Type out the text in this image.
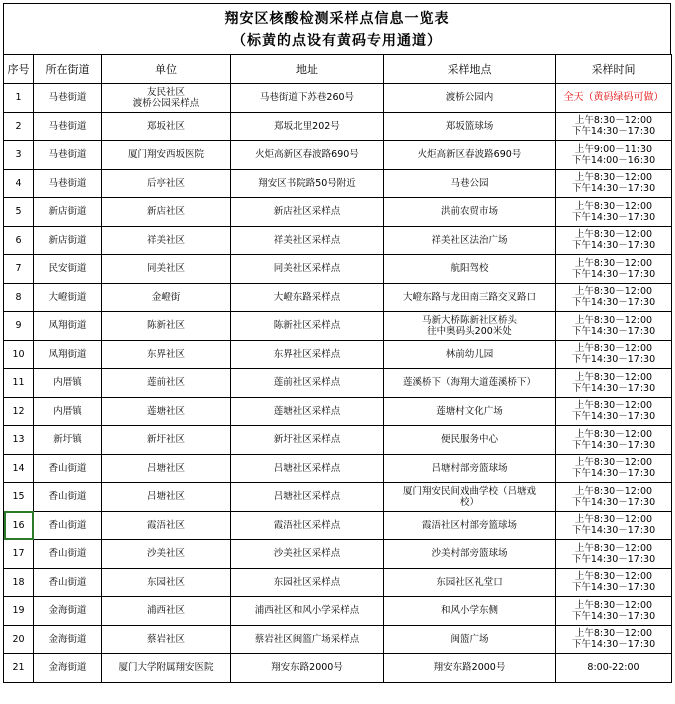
翔安区核酸检测采样点信息一览表
（标黄的点设有黄码专用通道）
序号	所在街道	单位	地址	采样地点	采样时间
1	马巷街道	友民社区
渡桥公园采样点	马巷街道下苏巷260号	渡桥公园内	全天（黄码绿码可做）

2	马巷街道	郑坂社区	郑坂北里202号	郑坂篮球场	上午8:30－12:00
下午14:30－17:30

3	马巷街道	厦门翔安西坂医院	火炬高新区春波路690号	火炬高新区春波路690号	上午9:00－11:30
下午14:00－16:30

4	马巷街道	后亭社区	翔安区书院路50号附近	马巷公园	上午8:30－12:00
下午14:30－17:30

5	新店街道	新店社区	新店社区采样点	洪前农贸市场	上午8:30－12:00
下午14:30－17:30

6	新店街道	祥美社区	祥美社区采样点	祥美社区法治广场	上午8:30－12:00
下午14:30－17:30

7	民安街道	同美社区	同美社区采样点	航阳驾校	上午8:30－12:00
下午14:30－17:30

8	大嶝街道	金嶝街	大嶝东路采样点	大嶝东路与龙田南三路交叉路口	上午8:30－12:00
下午14:30－17:30

9	凤翔街道	陈新社区	陈新社区采样点	马新大桥陈新社区桥头
往中奥码头200米处	上午8:30－12:00
下午14:30－17:30

10	凤翔街道	东界社区	东界社区采样点	林前幼儿园	上午8:30－12:00
下午14:30－17:30

11	内厝镇	莲前社区	莲前社区采样点	莲溪桥下（海翔大道莲溪桥下）	上午8:30－12:00
下午14:30－17:30

12	内厝镇	莲塘社区	莲塘社区采样点	莲塘村文化广场	上午8:30－12:00
下午14:30－17:30

13	新圩镇	新圩社区	新圩社区采样点	便民服务中心	上午8:30－12:00
下午14:30－17:30

14	香山街道	吕塘社区	吕塘社区采样点	吕塘村部旁篮球场	上午8:30－12:00
下午14:30－17:30

15	香山街道	吕塘社区	吕塘社区采样点	厦门翔安民间戏曲学校（吕塘戏
校）	上午8:30－12:00
下午14:30－17:30

16	香山街道	霞浯社区	霞浯社区采样点	霞浯社区村部旁篮球场	上午8:30－12:00
下午14:30－17:30

17	香山街道	沙美社区	沙美社区采样点	沙美村部旁篮球场	上午8:30－12:00
下午14:30－17:30

18	香山街道	东园社区	东园社区采样点	东园社区礼堂口	上午8:30－12:00
下午14:30－17:30

19	金海街道	浦西社区	浦西社区和风小学采样点	和风小学东侧	上午8:30－12:00
下午14:30－17:30

20	金海街道	蔡岩社区	蔡岩社区闽篮广场采样点	闽篮广场	上午8:30－12:00
下午14:30－17:30

21	金海街道	厦门大学附属翔安医院	翔安东路2000号	翔安东路2000号	8:00-22:00
